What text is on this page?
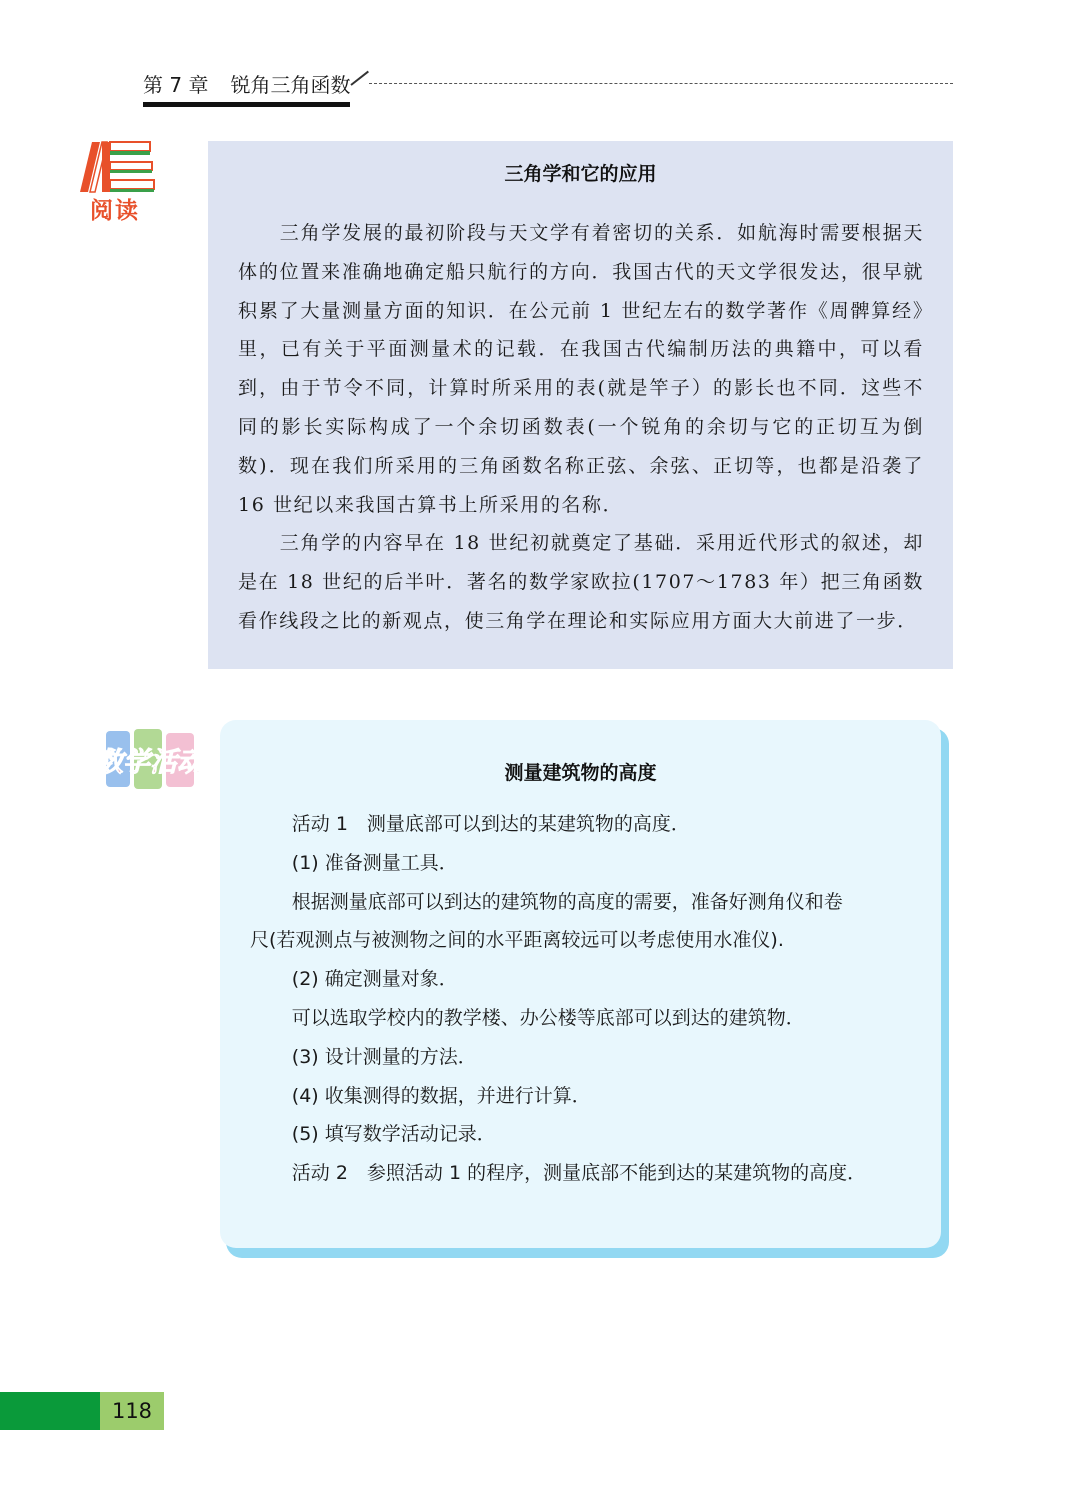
第 7 章 锐角三角函数
阅读
三角学和它的应用

三角学发展的最初阶段与天文学有着密切的关系．如航海时需要根据天体的位置来准确地确定船只航行的方向．我国古代的天文学很发达，很早就积累了大量测量方面的知识．在公元前 1 世纪左右的数学著作《周髀算经》里，已有关于平面测量术的记载．在我国古代编制历法的典籍中，可以看到，由于节令不同，计算时所采用的表(就是竿子）的影长也不同．这些不同的影长实际构成了一个余切函数表(一个锐角的余切与它的正切互为倒数)．现在我们所采用的三角函数名称正弦、余弦、正切等，也都是沿袭了 16 世纪以来我国古算书上所采用的名称．

三角学的内容早在 18 世纪初就奠定了基础．采用近代形式的叙述，却是在 18 世纪的后半叶．著名的数学家欧拉(1707～1783 年）把三角函数看作线段之比的新观点，使三角学在理论和实际应用方面大大前进了一步．

数学活动	测量建筑物的高度

活动 1　测量底部可以到达的某建筑物的高度．

(1) 准备测量工具．

根据测量底部可以到达的建筑物的高度的需要，准备好测角仪和卷

尺(若观测点与被测物之间的水平距离较远可以考虑使用水准仪).

(2) 确定测量对象．

可以选取学校内的教学楼、办公楼等底部可以到达的建筑物．

(3) 设计测量的方法．

(4) 收集测得的数据，并进行计算．

(5) 填写数学活动记录．

活动 2　参照活动 1 的程序，测量底部不能到达的某建筑物的高度．

118
